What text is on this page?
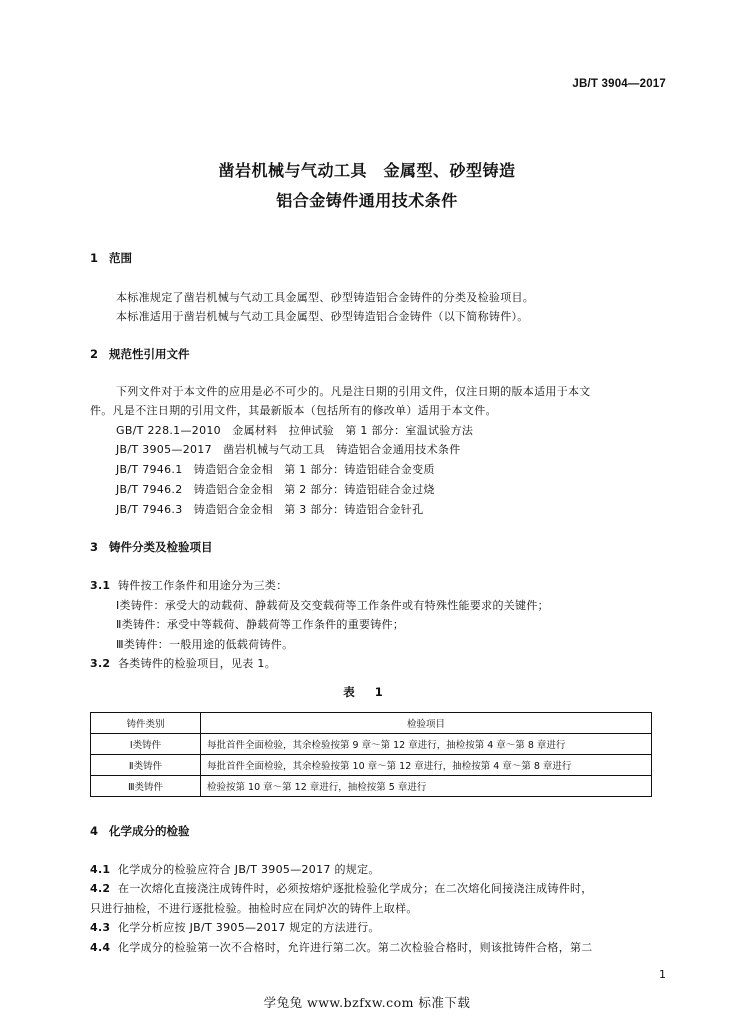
JB/T 3904—2017
凿岩机械与气动工具　金属型、砂型铸造
铝合金铸件通用技术条件
1 范围
本标准规定了凿岩机械与气动工具金属型、砂型铸造铝合金铸件的分类及检验项目。
本标准适用于凿岩机械与气动工具金属型、砂型铸造铝合金铸件（以下简称铸件）。
2 规范性引用文件
下列文件对于本文件的应用是必不可少的。凡是注日期的引用文件，仅注日期的版本适用于本文
件。凡是不注日期的引用文件，其最新版本（包括所有的修改单）适用于本文件。
GB/T 228.1—2010　金属材料　拉伸试验　第 1 部分：室温试验方法
JB/T 3905—2017　凿岩机械与气动工具　铸造铝合金通用技术条件
JB/T 7946.1　铸造铝合金金相　第 1 部分：铸造铝硅合金变质
JB/T 7946.2　铸造铝合金金相　第 2 部分：铸造铝硅合金过烧
JB/T 7946.3　铸造铝合金金相　第 3 部分：铸造铝合金针孔
3 铸件分类及检验项目
3.1 铸件按工作条件和用途分为三类：
Ⅰ类铸件：承受大的动载荷、静载荷及交变载荷等工作条件或有特殊性能要求的关键件；
Ⅱ类铸件：承受中等载荷、静载荷等工作条件的重要铸件；
Ⅲ类铸件：一般用途的低载荷铸件。
3.2 各类铸件的检验项目，见表 1。
表 1
铸件类别	检验项目
Ⅰ类铸件	每批首件全面检验，其余检验按第 9 章～第 12 章进行，抽检按第 4 章～第 8 章进行
Ⅱ类铸件	每批首件全面检验，其余检验按第 10 章～第 12 章进行，抽检按第 4 章～第 8 章进行
Ⅲ类铸件	检验按第 10 章～第 12 章进行，抽检按第 5 章进行
4 化学成分的检验
4.1 化学成分的检验应符合 JB/T 3905—2017 的规定。
4.2 在一次熔化直接浇注成铸件时，必须按熔炉逐批检验化学成分；在二次熔化间接浇注成铸件时，
只进行抽检，不进行逐批检验。抽检时应在同炉次的铸件上取样。
4.3 化学分析应按 JB/T 3905—2017 规定的方法进行。
4.4 化学成分的检验第一次不合格时，允许进行第二次。第二次检验合格时，则该批铸件合格，第二
1
学兔兔 www.bzfxw.com 标准下载
